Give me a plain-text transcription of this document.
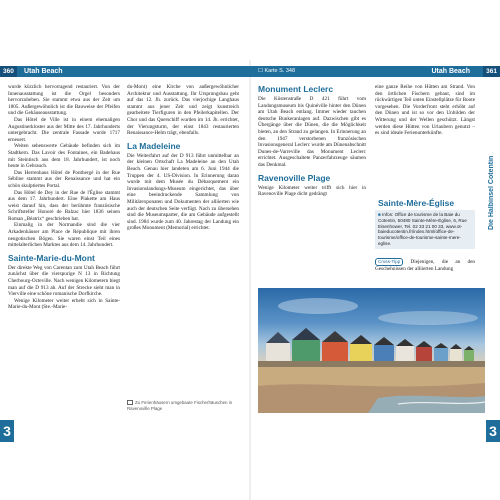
360	Utah Beach	☐ Karte S. 348	Utah Beach	361
Die Halbinsel Cotentin

wurde kürzlich hervorragend restauriert. Von der Innenausstattung ist die Orgel besonders hervorzuheben. Sie stammt etwa aus der Zeit um 1805. Außergewöhnlich ist die Bauweise der Pfeifen und die Gehäuseausstattung.

Das Hôtel de Ville ist in einem ehemaligen Augustinerkloster aus der Mitte des 17. Jahrhunderts untergebracht. Die zentrale Fassade wurde 1717 erneuert.

Weiten sehenswerte Gebäude befinden sich im Stadtkern. Das Lavoir des Fontaines, ein Badehaus mit Steintisch aus dem 18. Jahrhundert, ist noch heute in Gebrauch.

Das Herrenhaus Hôtel de Ponthergé in der Rue Sébline stammt aus der Renaissance und hat ein schön skulptiertes Portal.

Das Hôtel de Dey in der Rue de l'Église stammt aus dem 17. Jahrhundert. Eine Plakette am Haus weist darauf hin, dass der berühmte französische Schriftsteller Honoré de Balzac hier 1836 seinen Roman „Béatrix“ geschrieben hat.

Einmalig in der Normandie sind die vier Arkadenhäuser am Place de République mit ihren neugotischen Bögen. Sie waren einst Teil eines mittelalterlichen Marktes aus dem 14. Jahrhundert.

Sainte-Marie-du-Mont

Der direkte Weg von Carentan zum Utah Beach führt zunächst über die vierspurige N 13 in Richtung Cherbourg-Octeville. Nach wenigen Kilometern biegt man auf die D 913 ab. Auf der Strecke sieht man in Vierville eine schöne romanische Dorfkirche.

Wenige Kilometer weiter erhebt sich in Sainte-Marie-du-Mont (Ste.-Marie-

du-Mont) eine Kirche von außergewöhnlicher Architektur und Ausstattung. Ihr Ursprungsbau geht auf das 12. Jh. zurück. Das vierjochige Langhaus stammt aus jener Zeit und zeigt kunstreich gearbeitete Tierfiguren in den Pfeilerkapitellen. Der Chor und das Querschiff wurden im 14. Jh. errichtet, der Vierungsturm, der einst 1843 restaurierten Renaissance-Helm trägt, ebenfalls.

La Madeleine

Die Weiterfahrt auf der D 913 führt unmittelbar an der kleinen Ortschaft La Madeleine an den Utah Beach. Genau hier landeten am 6. Juni 1944 die Truppen der 4. US-Division. In Erinnerung daran wurde mit dem Musée du Débarquement ein Invasionslandungs-Museum eingerichtet, das über eine beeindruckende Sammlung von Militärexponaten und Dokumenten der alliierten wie auch der deutschen Seite verfügt. Nach zu übersehen sind die Museumsparter, die am Gebäude aufgestellt sind. 1984 wurde zum 40. Jahrestag der Landung ein großes Monument (Memorial) errichtet.

Zu Ferienhäusern umgebaute Fischerhäuschen in Ravenoville Plage
Monument Leclerc

Die Küstenstraße D 421 führt vom Landungsmuseum bis Quinéville hinter den Dünen am Utah Beach entlang. Immer wieder tauchen deutsche Bunkeranlagen auf. Dazwischen gibt es Übergänge über die Dünen, die die Möglichkeit bieten, an den Strand zu gelangen. In Erinnerung an den 1947 verstorbenen französischen Invasionsgeneral Leclerc wurde am Dünenabschnitt Dunes-de-Varreville das Monument Leclerc errichtet. Ausgeschaltete Panzerfahrzeuge säumen das Denkmal.

Ravenoville Plage

Wenige Kilometer weiter trifft sich hier in Ravenoville Plage dicht gedrängt

eine ganze Reihe von Hütten am Strand. Von den örtlichen Fischern gebaut, sind im rückwärtigen Teil unten Einstellplätze für Boote vorgesehen. Die Vorderfront steht erhöht auf den Dünen und ist so vor den Unbilden der Witterung und der Wellen geschützt. Längst werden diese Hütten von Urlaubern genutzt – es sind ideale Ferienunterkünfte.

Sainte-Mère-Église
■ Infos: Office de tourisme de la Baie du Cotentin, 50480 Sainte-Mère-Église, 6, Rue Eisenhower, Tel. 02 33 21 00 33, www.ot-baieducotentin.fr/index.html/office-de-tourisme/office-de-tourisme-sainte-mere-eglise.

Cross-Tipp Diejenigen, die an den Geschehnissen der alliierten Landung

3	3
